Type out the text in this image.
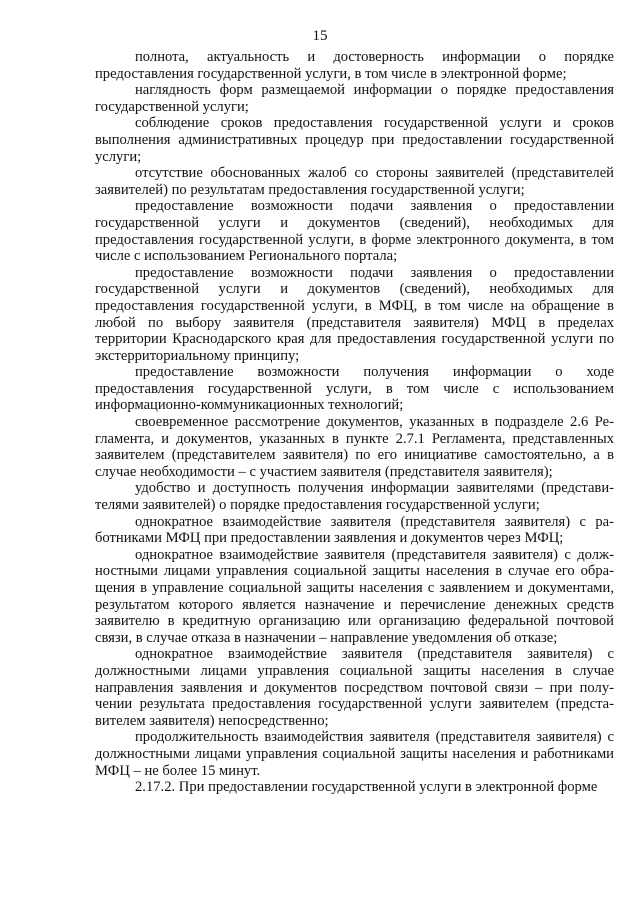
15

полнота, актуальность и достоверность информации о порядке предоставления государственной услуги, в том числе в электронной форме;

наглядность форм размещаемой информации о порядке предоставления государственной услуги;

соблюдение сроков предоставления государственной услуги и сроков выполнения административных процедур при предоставлении государственной услуги;

отсутствие обоснованных жалоб со стороны заявителей (представителей заявителей) по результатам предоставления государственной услуги;

предоставление возможности подачи заявления о предоставлении государственной услуги и документов (сведений), необходимых для предоставления государственной услуги, в форме электронного документа, в том числе с использованием Регионального портала;

предоставление возможности подачи заявления о предоставлении государственной услуги и документов (сведений), необходимых для предоставления государственной услуги, в МФЦ, в том числе на обращение в любой по выбору заявителя (представителя заявителя) МФЦ в пределах территории Краснодарского края для предоставления государственной услуги по экстерриториальному принципу;

предоставление возможности получения информации о ходе предоставления государственной услуги, в том числе с использованием информационно-коммуникационных технологий;

своевременное рассмотрение документов, указанных в подразделе 2.6 Регламента, и документов, указанных в пункте 2.7.1 Регламента, представленных заявителем (представителем заявителя) по его инициативе самостоятельно, а в случае необходимости – с участием заявителя (представителя заявителя);

удобство и доступность получения информации заявителями (представителями заявителей) о порядке предоставления государственной услуги;

однократное взаимодействие заявителя (представителя заявителя) с работниками МФЦ при предоставлении заявления и документов через МФЦ;

однократное взаимодействие заявителя (представителя заявителя) с должностными лицами управления социальной защиты населения в случае его обращения в управление социальной защиты населения с заявлением и документами, результатом которого является назначение и перечисление денежных средств заявителю в кредитную организацию или организацию федеральной почтовой связи, в случае отказа в назначении – направление уведомления об отказе;

однократное взаимодействие заявителя (представителя заявителя) с должностными лицами управления социальной защиты населения в случае направления заявления и документов посредством почтовой связи – при получении результата предоставления государственной услуги заявителем (представителем заявителя) непосредственно;

продолжительность взаимодействия заявителя (представителя заявителя) с должностными лицами управления социальной защиты населения и работниками МФЦ – не более 15 минут.

2.17.2. При предоставлении государственной услуги в электронной форме
